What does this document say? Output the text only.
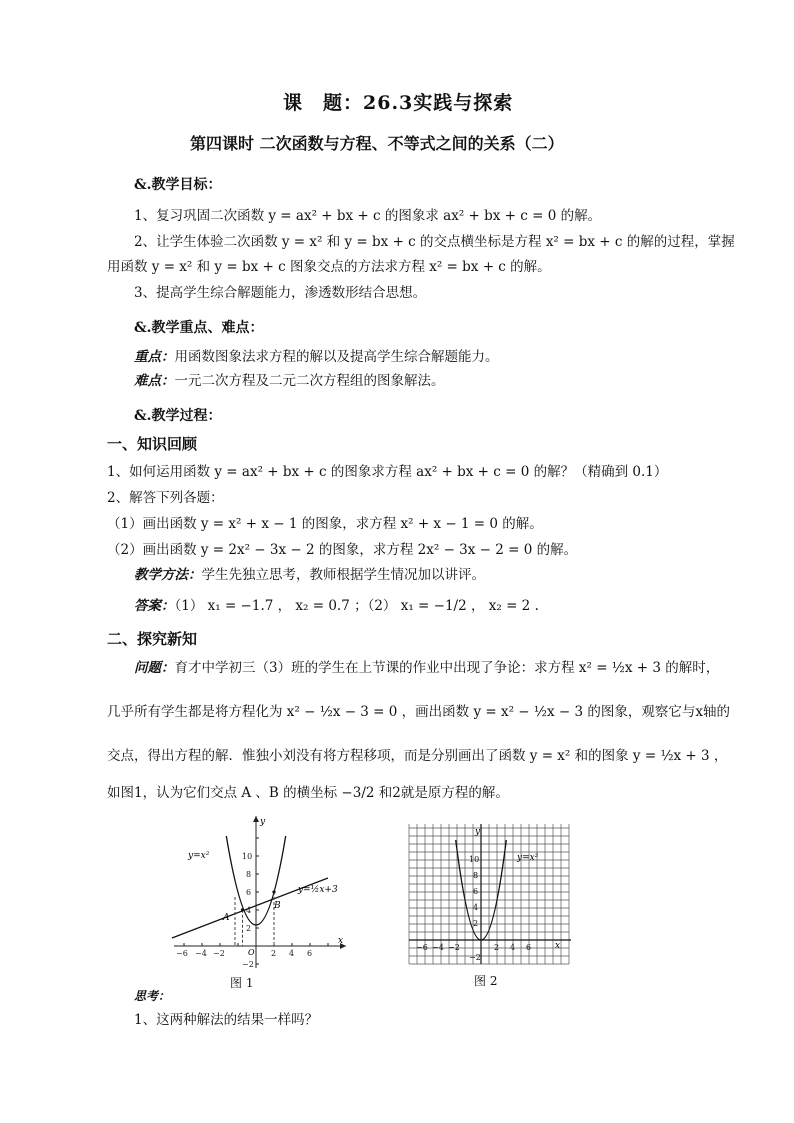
课　题：26.3实践与探索
第四课时 二次函数与方程、不等式之间的关系（二）
&.教学目标：
1、复习巩固二次函数 y = ax² + bx + c 的图象求 ax² + bx + c = 0 的解。
2、让学生体验二次函数 y = x² 和 y = bx + c 的交点横坐标是方程 x² = bx + c 的解的过程，掌握
用函数 y = x² 和 y = bx + c 图象交点的方法求方程 x² = bx + c 的解。
3、提高学生综合解题能力，渗透数形结合思想。
&.教学重点、难点：
重点：用函数图象法求方程的解以及提高学生综合解题能力。
难点：一元二次方程及二元二次方程组的图象解法。
&.教学过程：
一、知识回顾
1、如何运用函数 y = ax² + bx + c 的图象求方程 ax² + bx + c = 0 的解？（精确到 0.1）
2、解答下列各题：
（1）画出函数 y = x² + x − 1 的图象，求方程 x² + x − 1 = 0 的解。
（2）画出函数 y = 2x² − 3x − 2 的图象，求方程 2x² − 3x − 2 = 0 的解。
教学方法：学生先独立思考，教师根据学生情况加以讲评。
答案：（1） x₁ = −1.7 ， x₂ = 0.7 ；（2） x₁ = −1/2 ， x₂ = 2 .
二、探究新知
问题：育才中学初三（3）班的学生在上节课的作业中出现了争论：求方程 x² = ½x + 3 的解时，
几乎所有学生都是将方程化为 x² − ½x − 3 = 0 ，画出函数 y = x² − ½x − 3 的图象，观察它与x轴的
交点，得出方程的解．惟独小刘没有将方程移项，而是分别画出了函数 y = x² 和的图象 y = ½x + 3 ，
如图1，认为它们交点 A 、B 的横坐标 −3/2 和2就是原方程的解。
−6 −4 −2	2 4 6
2
4
6
8
10
−2
y=x²
y=½x+3
A
B
O
x
y
图 1
−6 −4 −2	2 4 6
2
4
6
8
10
−2
y=x²
x
y
图 2
思考：
1、这两种解法的结果一样吗？
